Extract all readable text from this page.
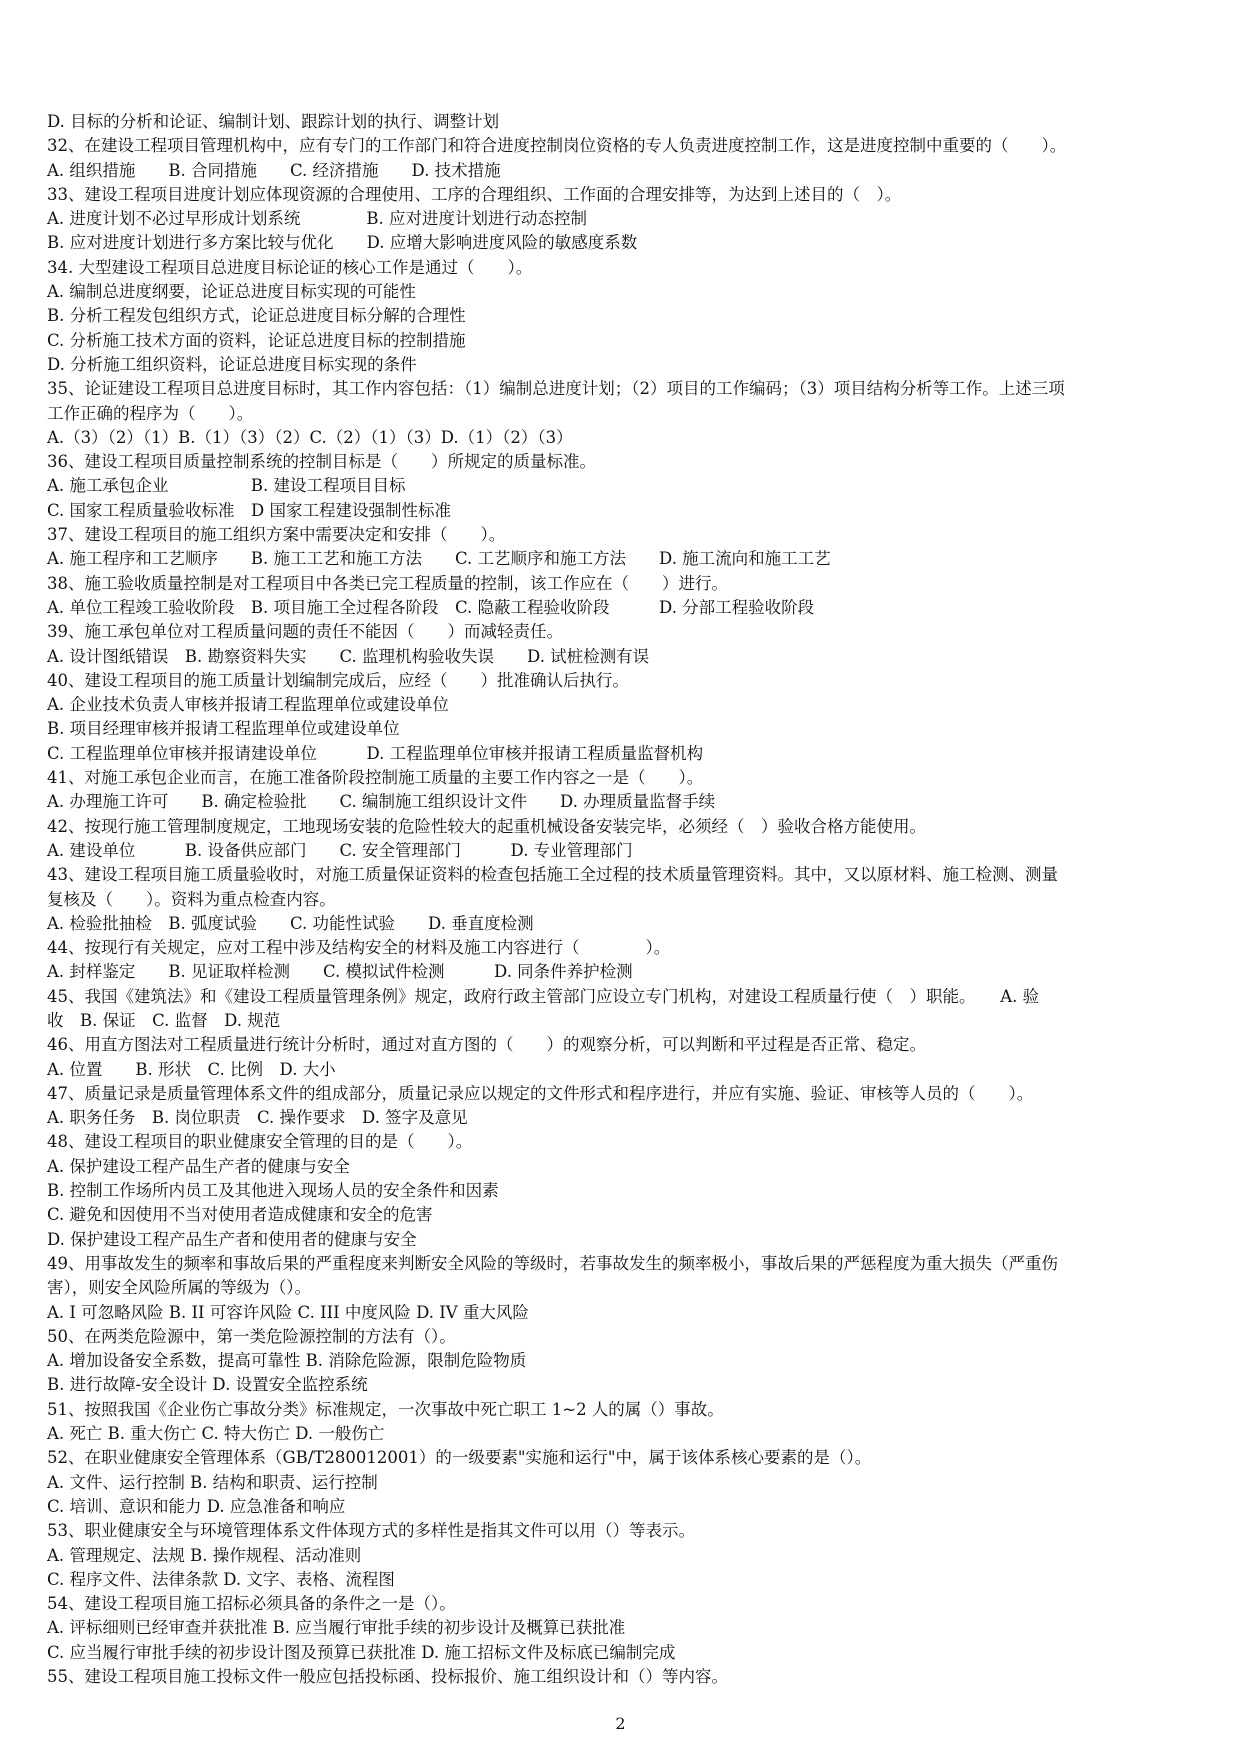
D. 目标的分析和论证、编制计划、跟踪计划的执行、调整计划
32、在建设工程项目管理机构中，应有专门的工作部门和符合进度控制岗位资格的专人负责进度控制工作，这是进度控制中重要的（　　）。
A. 组织措施　　B. 合同措施　　C. 经济措施　　D. 技术措施
33、建设工程项目进度计划应体现资源的合理使用、工序的合理组织、工作面的合理安排等，为达到上述目的（　）。
A. 进度计划不必过早形成计划系统　　　　B. 应对进度计划进行动态控制
B. 应对进度计划进行多方案比较与优化　　D. 应增大影响进度风险的敏感度系数
34. 大型建设工程项目总进度目标论证的核心工作是通过（　　）。
A. 编制总进度纲要，论证总进度目标实现的可能性
B. 分析工程发包组织方式，论证总进度目标分解的合理性
C. 分析施工技术方面的资料，论证总进度目标的控制措施
D. 分析施工组织资料，论证总进度目标实现的条件
35、论证建设工程项目总进度目标时，其工作内容包括：（1）编制总进度计划；（2）项目的工作编码；（3）项目结构分析等工作。上述三项
工作正确的程序为（　　）。
A.（3）（2）（1）B.（1）（3）（2）C.（2）（1）（3）D.（1）（2）（3）
36、建设工程项目质量控制系统的控制目标是（　　）所规定的质量标准。
A. 施工承包企业　　　　　B. 建设工程项目目标
C. 国家工程质量验收标准　D 国家工程建设强制性标准
37、建设工程项目的施工组织方案中需要决定和安排（　　）。
A. 施工程序和工艺顺序　　B. 施工工艺和施工方法　　C. 工艺顺序和施工方法　　D. 施工流向和施工工艺
38、施工验收质量控制是对工程项目中各类已完工程质量的控制，该工作应在（　　）进行。
A. 单位工程竣工验收阶段　B. 项目施工全过程各阶段　C. 隐蔽工程验收阶段　　　D. 分部工程验收阶段
39、施工承包单位对工程质量问题的责任不能因（　　）而减轻责任。
A. 设计图纸错误　B. 勘察资料失实　　C. 监理机构验收失误　　D. 试桩检测有误
40、建设工程项目的施工质量计划编制完成后，应经（　　）批准确认后执行。
A. 企业技术负责人审核并报请工程监理单位或建设单位
B. 项目经理审核并报请工程监理单位或建设单位
C. 工程监理单位审核并报请建设单位　　　D. 工程监理单位审核并报请工程质量监督机构
41、对施工承包企业而言，在施工准备阶段控制施工质量的主要工作内容之一是（　　）。
A. 办理施工许可　　B. 确定检验批　　C. 编制施工组织设计文件　　D. 办理质量监督手续
42、按现行施工管理制度规定，工地现场安装的危险性较大的起重机械设备安装完毕，必须经（　）验收合格方能使用。
A. 建设单位　　　B. 设备供应部门　　C. 安全管理部门　　　D. 专业管理部门
43、建设工程项目施工质量验收时，对施工质量保证资料的检查包括施工全过程的技术质量管理资料。其中，又以原材料、施工检测、测量
复核及（　　）。资料为重点检查内容。
A. 检验批抽检　B. 弧度试验　　C. 功能性试验　　D. 垂直度检测
44、按现行有关规定，应对工程中涉及结构安全的材料及施工内容进行（　　　　）。
A. 封样鉴定　　B. 见证取样检测　　C. 模拟试件检测　　　D. 同条件养护检测
45、我国《建筑法》和《建设工程质量管理条例》规定，政府行政主管部门应设立专门机构，对建设工程质量行使（　）职能。　　A. 验
收　B. 保证　C. 监督　D. 规范
46、用直方图法对工程质量进行统计分析时，通过对直方图的（　　）的观察分析，可以判断和平过程是否正常、稳定。
A. 位置　　B. 形状　C. 比例　D. 大小
47、质量记录是质量管理体系文件的组成部分，质量记录应以规定的文件形式和程序进行，并应有实施、验证、审核等人员的（　　）。
A. 职务任务　B. 岗位职责　C. 操作要求　D. 签字及意见
48、建设工程项目的职业健康安全管理的目的是（　　）。
A. 保护建设工程产品生产者的健康与安全
B. 控制工作场所内员工及其他进入现场人员的安全条件和因素
C. 避免和因使用不当对使用者造成健康和安全的危害
D. 保护建设工程产品生产者和使用者的健康与安全
49、用事故发生的频率和事故后果的严重程度来判断安全风险的等级时，若事故发生的频率极小，事故后果的严惩程度为重大损失（严重伤
害），则安全风险所属的等级为（）。
A. I 可忽略风险 B. II 可容许风险 C. III 中度风险 D. IV 重大风险
50、在两类危险源中，第一类危险源控制的方法有（）。
A. 增加设备安全系数，提高可靠性 B. 消除危险源，限制危险物质
B. 进行故障-安全设计 D. 设置安全监控系统
51、按照我国《企业伤亡事故分类》标准规定，一次事故中死亡职工 1~2 人的属（）事故。
A. 死亡 B. 重大伤亡 C. 特大伤亡 D. 一般伤亡
52、在职业健康安全管理体系（GB/T280012001）的一级要素"实施和运行"中，属于该体系核心要素的是（）。
A. 文件、运行控制 B. 结构和职责、运行控制
C. 培训、意识和能力 D. 应急准备和响应
53、职业健康安全与环境管理体系文件体现方式的多样性是指其文件可以用（）等表示。
A. 管理规定、法规 B. 操作规程、活动准则
C. 程序文件、法律条款 D. 文字、表格、流程图
54、建设工程项目施工招标必须具备的条件之一是（）。
A. 评标细则已经审查并获批准 B. 应当履行审批手续的初步设计及概算已获批准
C. 应当履行审批手续的初步设计图及预算已获批准 D. 施工招标文件及标底已编制完成
55、建设工程项目施工投标文件一般应包括投标函、投标报价、施工组织设计和（）等内容。
2
